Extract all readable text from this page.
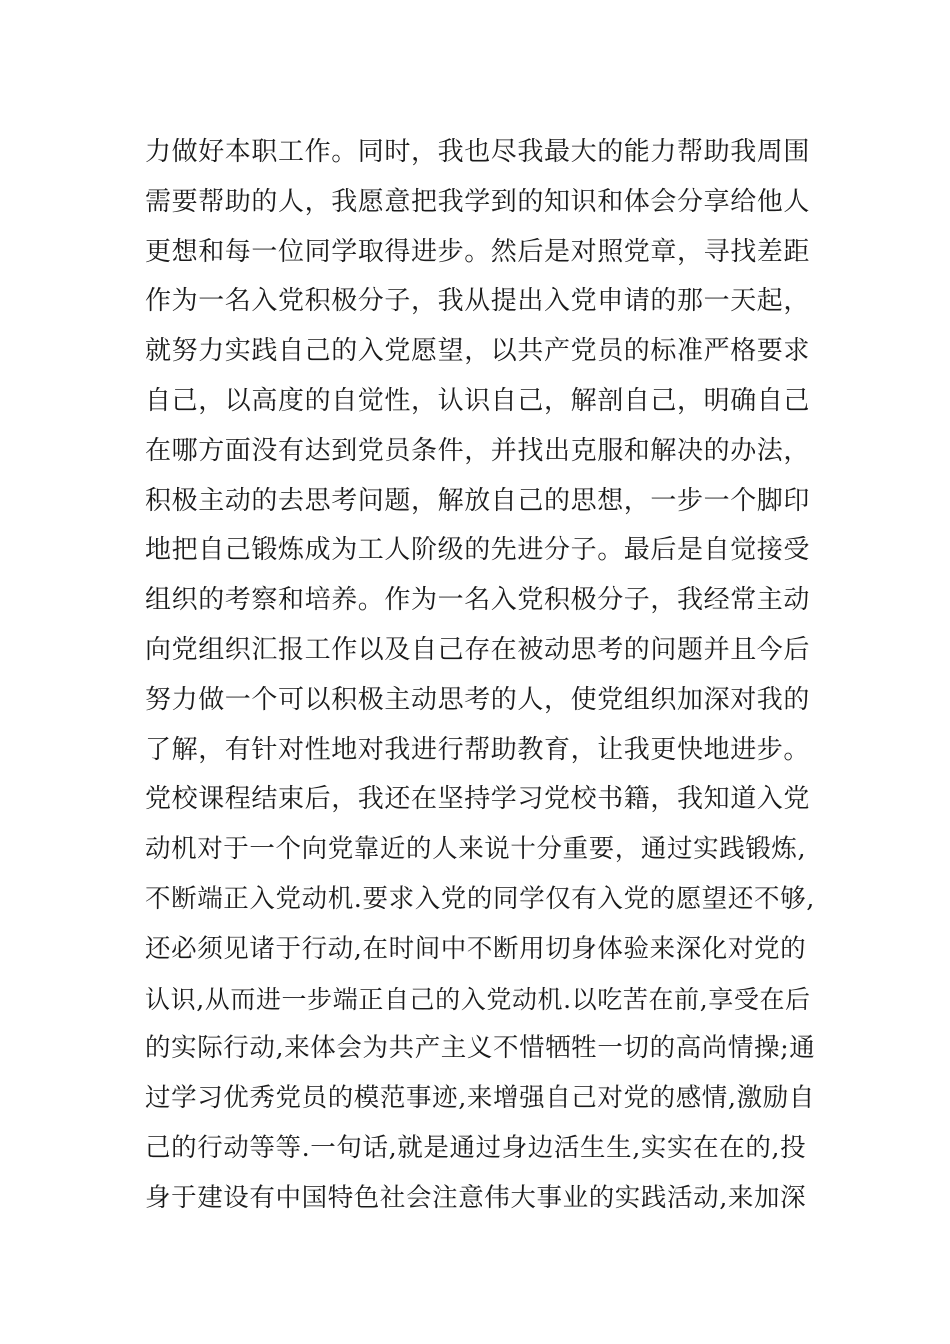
力做好本职工作。同时，我也尽我最大的能力帮助我周围
需要帮助的人，我愿意把我学到的知识和体会分享给他人
更想和每一位同学取得进步。然后是对照党章，寻找差距
作为一名入党积极分子，我从提出入党申请的那一天起，
就努力实践自己的入党愿望，以共产党员的标准严格要求
自己，以高度的自觉性，认识自己，解剖自己，明确自己
在哪方面没有达到党员条件，并找出克服和解决的办法，
积极主动的去思考问题，解放自己的思想，一步一个脚印
地把自己锻炼成为工人阶级的先进分子。最后是自觉接受
组织的考察和培养。作为一名入党积极分子，我经常主动
向党组织汇报工作以及自己存在被动思考的问题并且今后
努力做一个可以积极主动思考的人，使党组织加深对我的
了解，有针对性地对我进行帮助教育，让我更快地进步。
党校课程结束后，我还在坚持学习党校书籍，我知道入党
动机对于一个向党靠近的人来说十分重要，通过实践锻炼,
不断端正入党动机.要求入党的同学仅有入党的愿望还不够,
还必须见诸于行动,在时间中不断用切身体验来深化对党的
认识,从而进一步端正自己的入党动机.以吃苦在前,享受在后
的实际行动,来体会为共产主义不惜牺牲一切的高尚情操;通
过学习优秀党员的模范事迹,来增强自己对党的感情,激励自
己的行动等等.一句话,就是通过身边活生生,实实在在的,投
身于建设有中国特色社会注意伟大事业的实践活动,来加深
